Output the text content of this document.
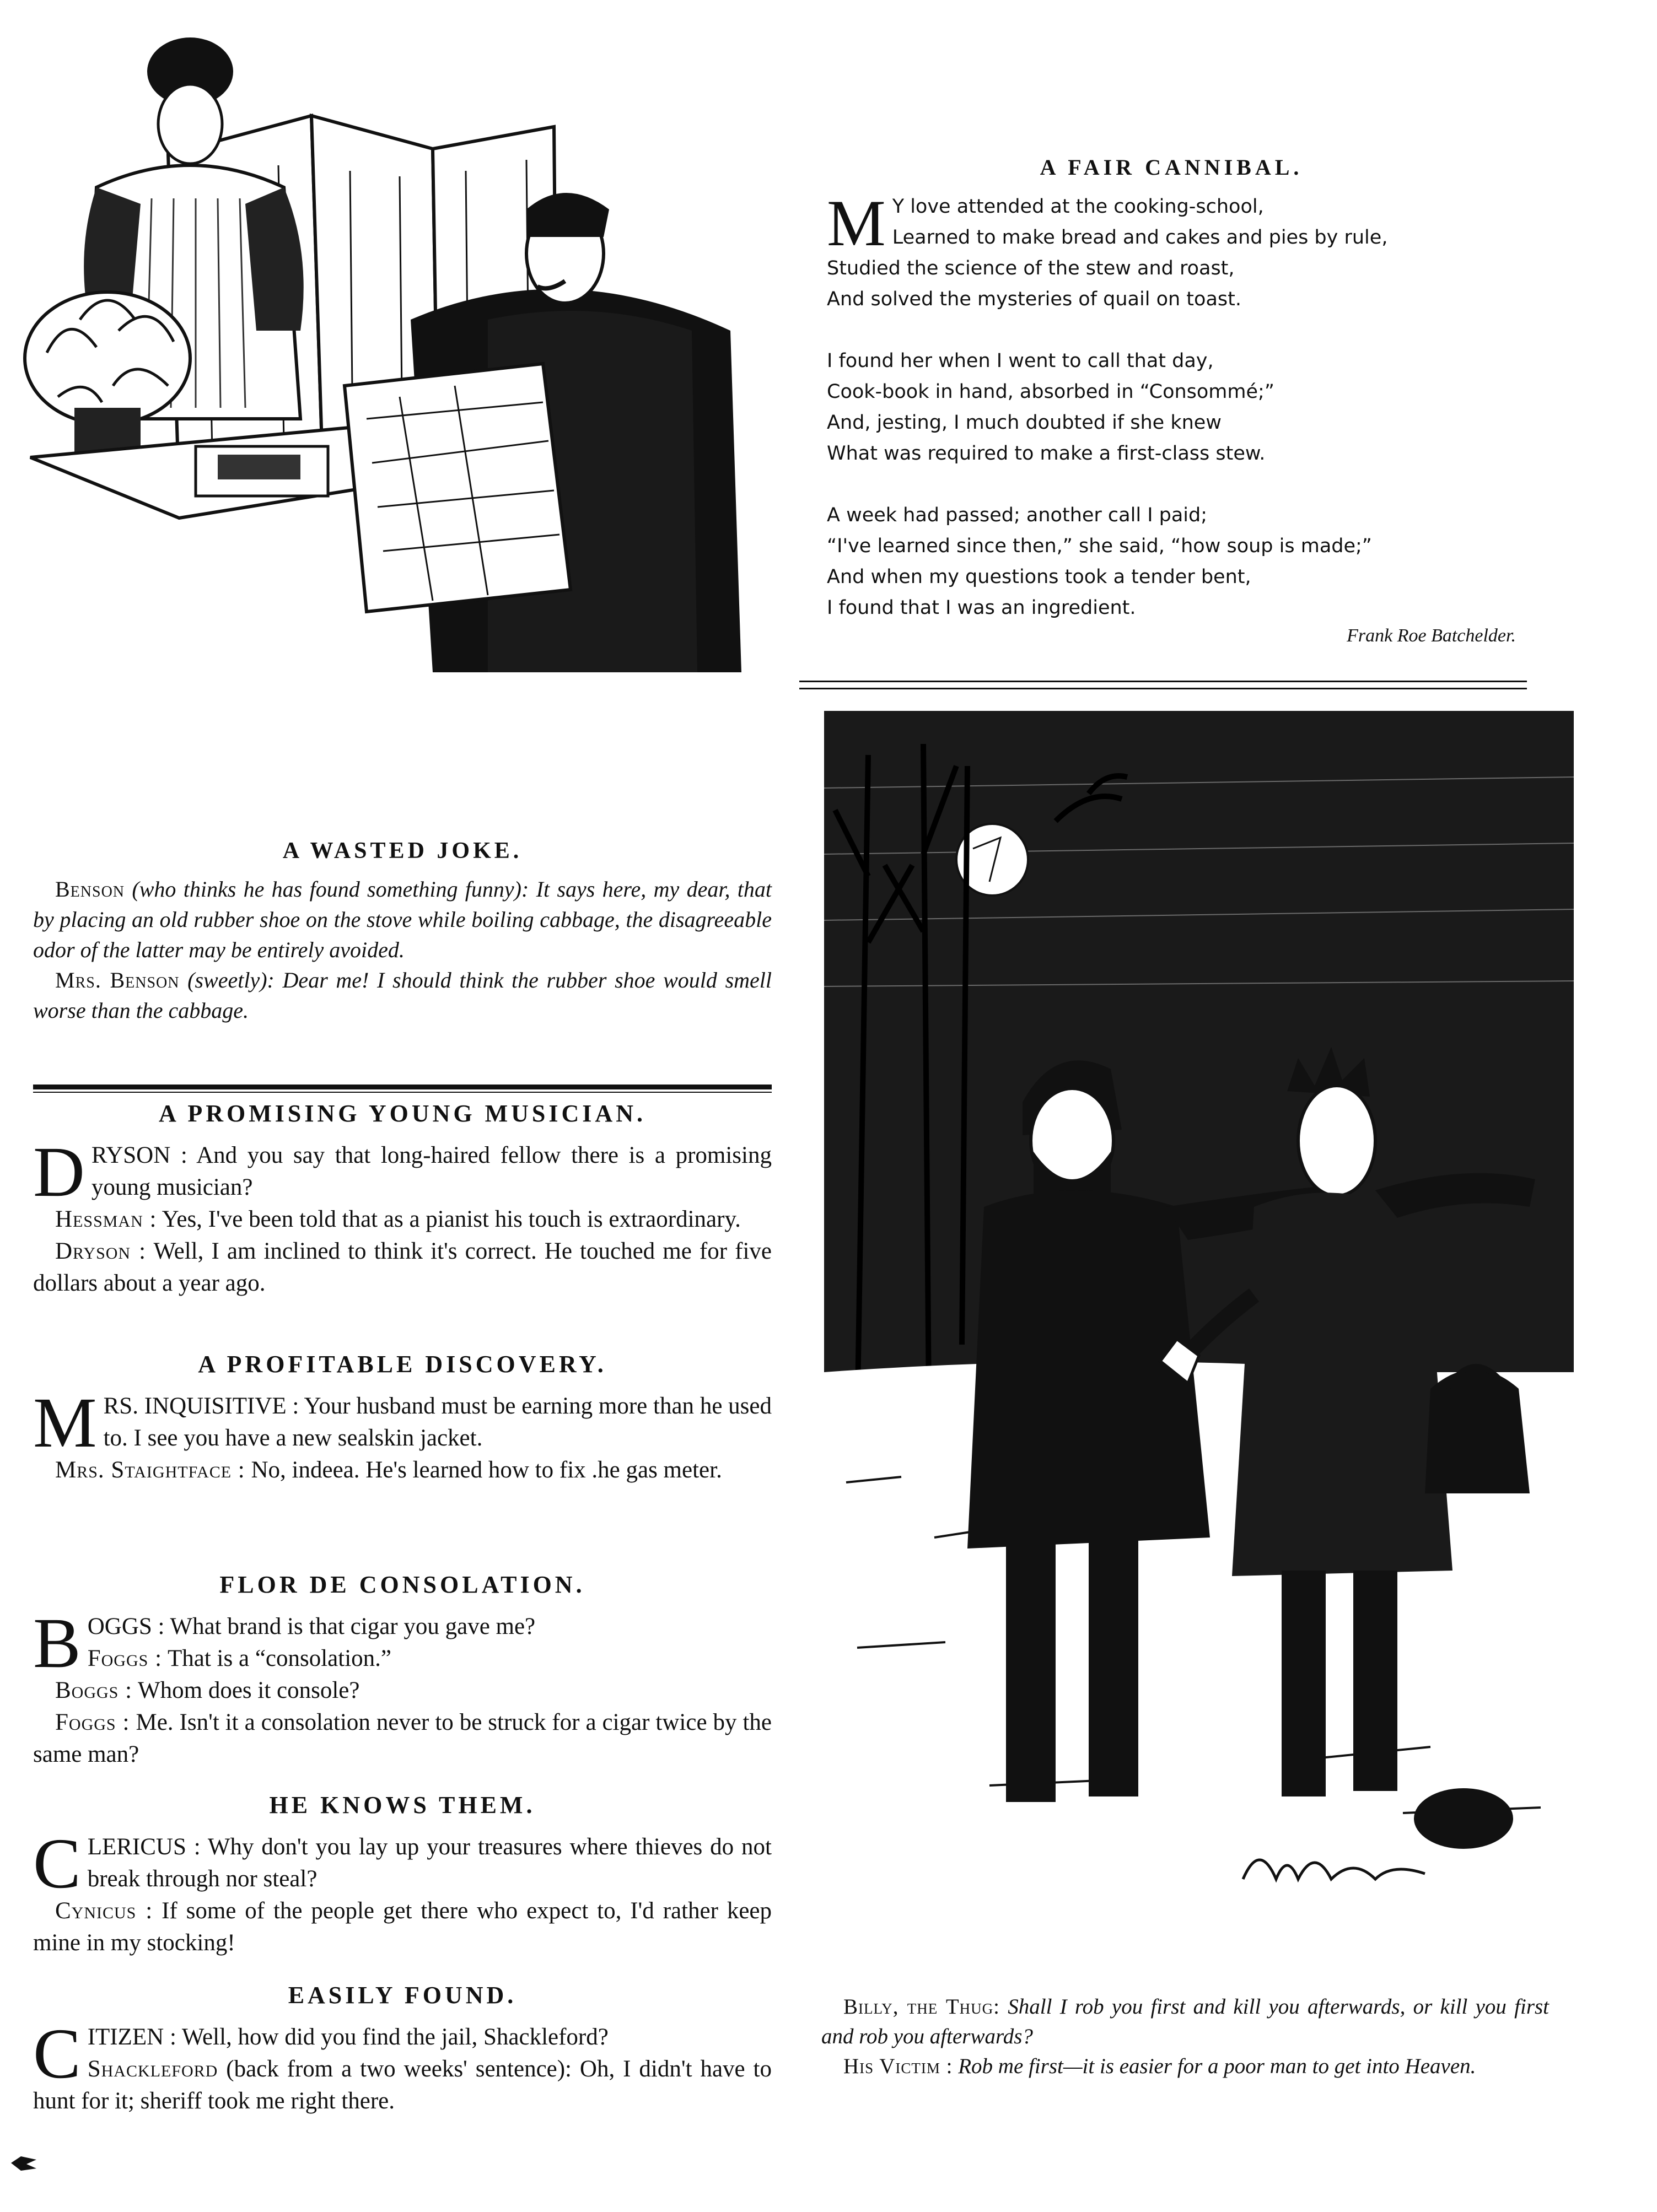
A WASTED JOKE.

Benson (who thinks he has found something funny): It says here, my dear, that by placing an old rubber shoe on the stove while boiling cabbage, the disagreeable odor of the latter may be entirely avoided.

Mrs. Benson (sweetly): Dear me! I should think the rubber shoe would smell worse than the cabbage.

A PROMISING YOUNG MUSICIAN.

D RYSON : And you say that long-haired fellow there is a promising young musician?

Hessman : Yes, I've been told that as a pianist his touch is extraordinary.

Dryson : Well, I am inclined to think it's correct. He touched me for five dollars about a year ago.

A PROFITABLE DISCOVERY.

M RS. INQUISITIVE : Your husband must be earning more than he used to. I see you have a new sealskin jacket.

Mrs. Staightface : No, indeea. He's learned how to fix .he gas meter.

FLOR DE CONSOLATION.

B OGGS : What brand is that cigar you gave me?

Foggs : That is a “consolation.”

Boggs : Whom does it console?

Foggs : Me. Isn't it a consolation never to be struck for a cigar twice by the same man?

HE KNOWS THEM.

C LERICUS : Why don't you lay up your treasures where thieves do not break through nor steal?

Cynicus : If some of the people get there who expect to, I'd rather keep mine in my stocking!

EASILY FOUND.

C ITIZEN : Well, how did you find the jail, Shackleford?

Shackleford (back from a two weeks' sentence): Oh, I didn't have to hunt for it; sheriff took me right there.

A FAIR CANNIBAL.
M Y love attended at the cooking-school,

Learned to make bread and cakes and pies by rule,

Studied the science of the stew and roast,

And solved the mysteries of quail on toast.

I found her when I went to call that day,

Cook-book in hand, absorbed in “Consommé;”

And, jesting, I much doubted if she knew

What was required to make a first-class stew.

A week had passed; another call I paid;

“I've learned since then,” she said, “how soup is made;”

And when my questions took a tender bent,

I found that I was an ingredient.

Frank Roe Batchelder.

Billy, the Thug: Shall I rob you first and kill you afterwards, or kill you first and rob you afterwards?

His Victim : Rob me first—it is easier for a poor man to get into Heaven.
